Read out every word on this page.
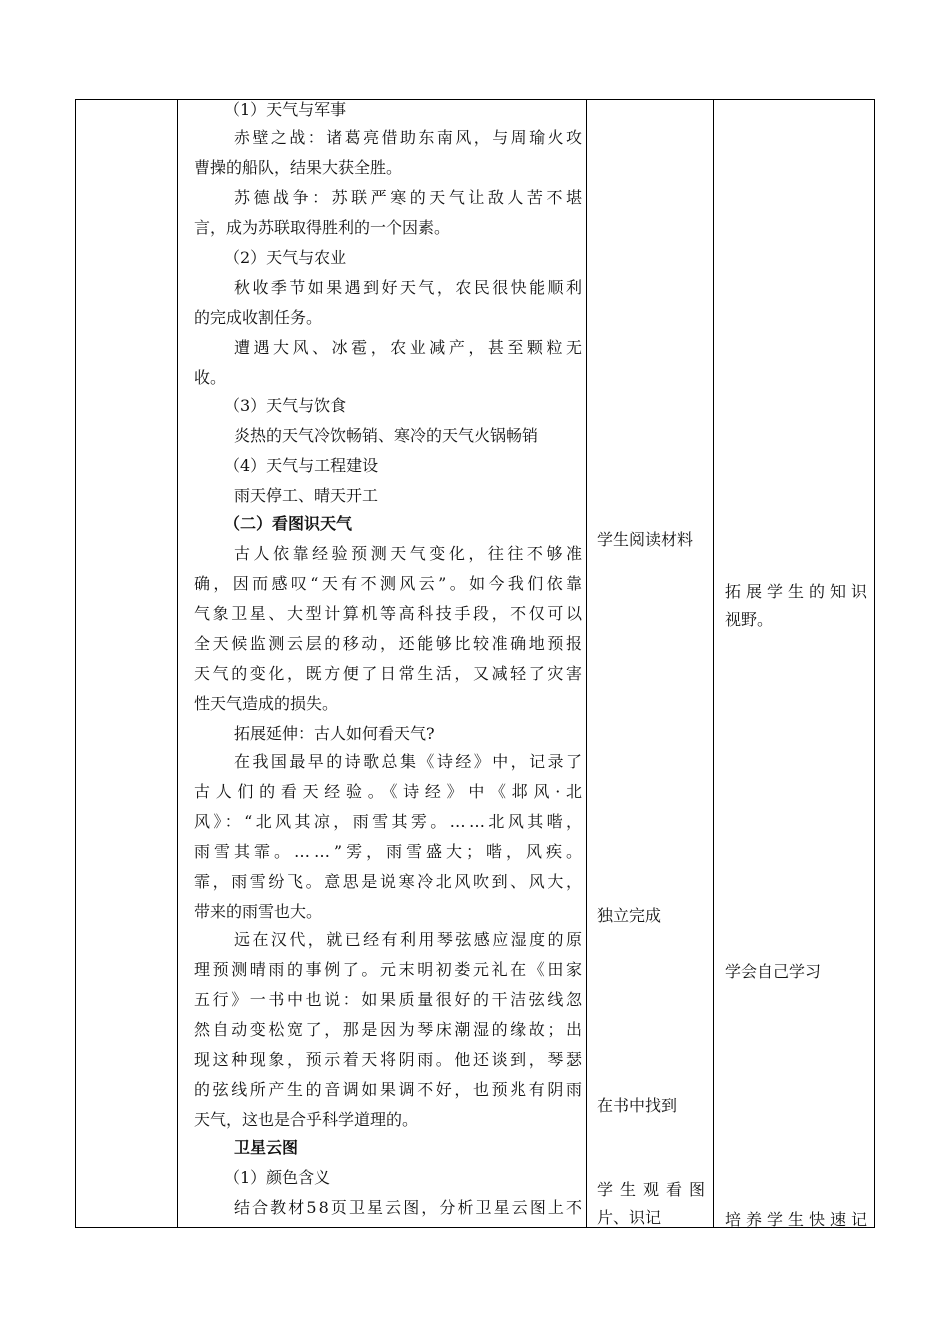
（1）天气与军事
赤壁之战：诸葛亮借助东南风，与周瑜火攻
曹操的船队，结果大获全胜。
苏德战争：苏联严寒的天气让敌人苦不堪
言，成为苏联取得胜利的一个因素。
（2）天气与农业
秋收季节如果遇到好天气，农民很快能顺利
的完成收割任务。
遭遇大风、冰雹，农业减产，甚至颗粒无
收。
（3）天气与饮食
炎热的天气冷饮畅销、寒冷的天气火锅畅销
（4）天气与工程建设
雨天停工、晴天开工
（二）看图识天气
古人依靠经验预测天气变化，往往不够准
确，因而感叹“天有不测风云”。如今我们依靠
气象卫星、大型计算机等高科技手段，不仅可以
全天候监测云层的移动，还能够比较准确地预报
天气的变化，既方便了日常生活，又减轻了灾害
性天气造成的损失。
拓展延伸：古人如何看天气?
在我国最早的诗歌总集《诗经》中，记录了
古人们的看天经验。《诗经》中《邶风·北
风》：“北风其凉，雨雪其雱。……北风其喈，
雨雪其霏。……”雱，雨雪盛大；喈，风疾。
霏，雨雪纷飞。意思是说寒冷北风吹到、风大，
带来的雨雪也大。
远在汉代，就已经有利用琴弦感应湿度的原
理预测晴雨的事例了。元末明初娄元礼在《田家
五行》一书中也说：如果质量很好的干洁弦线忽
然自动变松宽了，那是因为琴床潮湿的缘故；出
现这种现象，预示着天将阴雨。他还谈到，琴瑟
的弦线所产生的音调如果调不好，也预兆有阴雨
天气，这也是合乎科学道理的。
卫星云图
（1）颜色含义
结合教材58页卫星云图，分析卫星云图上不
学生阅读材料
独立完成
在书中找到
学生观看图
片、识记
拓展学生的知识
视野。
学会自己学习
培养学生快速记
